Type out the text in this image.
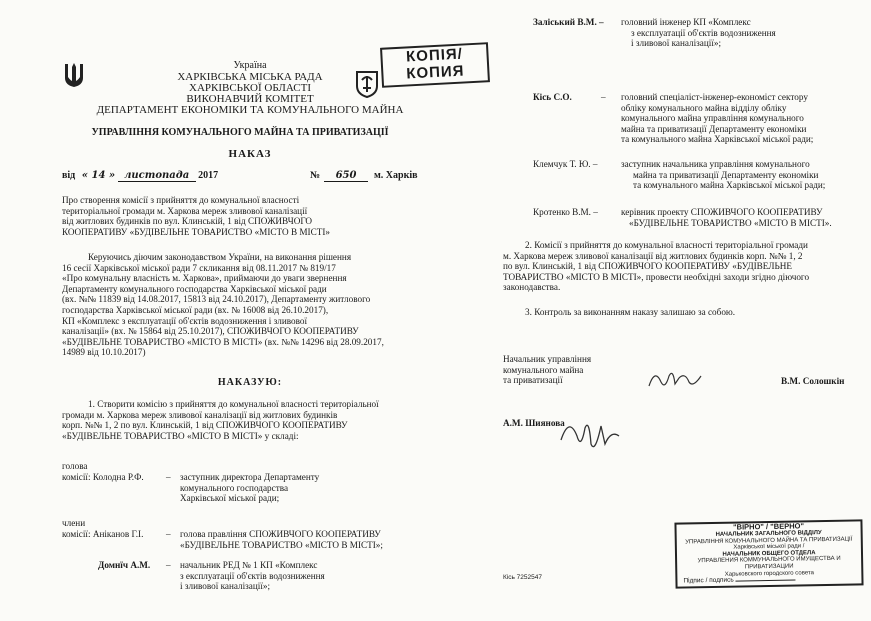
Україна
ХАРКІВСЬКА МІСЬКА РАДА
ХАРКІВСЬКОЇ ОБЛАСТІ
ВИКОНАВЧИЙ КОМІТЕТ
ДЕПАРТАМЕНТ ЕКОНОМІКИ ТА КОМУНАЛЬНОГО МАЙНА
КОПІЯ/
КОПИЯ
УПРАВЛІННЯ КОМУНАЛЬНОГО МАЙНА ТА ПРИВАТИЗАЦІЇ
НАКАЗ
від « 14 » листопада 2017	№	650	м. Харків
Про створення комісії з прийняття до комунальної власності
територіальної громади м. Харкова мереж зливової каналізації
від житлових будинків по вул. Клинській, 1 від СПОЖИВЧОГО
КООПЕРАТИВУ «БУДІВЕЛЬНЕ ТОВАРИСТВО «МІСТО В МІСТІ»
Керуючись діючим законодавством України, на виконання рішення
16 сесії Харківської міської ради 7 скликання від 08.11.2017 № 819/17
«Про комунальну власність м. Харкова», приймаючи до уваги звернення
Департаменту комунального господарства Харківської міської ради
(вх. №№ 11839 від 14.08.2017, 15813 від 24.10.2017), Департаменту житлового
господарства Харківської міської ради (вх. № 16008 від 26.10.2017),
КП «Комплекс з експлуатації об'єктів водозниження і зливової
каналізації» (вх. № 15864 від 25.10.2017), СПОЖИВЧОГО КООПЕРАТИВУ
«БУДІВЕЛЬНЕ ТОВАРИСТВО «МІСТО В МІСТІ» (вх. №№ 14296 від 28.09.2017,
14989 від 10.10.2017)
НАКАЗУЮ:
1. Створити комісію з прийняття до комунальної власності територіальної
громади м. Харкова мереж зливової каналізації від житлових будинків
корп. №№ 1, 2 по вул. Клинській, 1 від СПОЖИВЧОГО КООПЕРАТИВУ
«БУДІВЕЛЬНЕ ТОВАРИСТВО «МІСТО В МІСТІ» у складі:
голова
комісії: Колодна Р.Ф. – заступник директора Департаменту
комунального господарства
Харківської міської ради;
члени
комісії: Аніканов Г.І. – голова правління СПОЖИВЧОГО КООПЕРАТИВУ
«БУДІВЕЛЬНЕ ТОВАРИСТВО «МІСТО В МІСТІ»;
Домнїч А.М. – начальник РЕД № 1 КП «Комплекс
з експлуатації об'єктів водозниження
і зливової каналізації»;
Заліський В.М. – головний інженер КП «Комплекс
з експлуатації об'єктів водозниження
і зливової каналізації»;
Кісь С.О.	– головний спеціаліст-інженер-економіст сектору
обліку комунального майна відділу обліку
комунального майна управління комунального
майна та приватизації Департаменту економіки
та комунального майна Харківської міської ради;
Клемчук Т. Ю. –	заступник начальника управління комунального
майна та приватизації Департаменту економіки
та комунального майна Харківської міської ради;
Кротенко В.М. –	керівник проекту СПОЖИВЧОГО КООПЕРАТИВУ
«БУДІВЕЛЬНЕ ТОВАРИСТВО «МІСТО В МІСТІ».
2. Комісії з прийняття до комунальної власності територіальної громади
м. Харкова мереж зливової каналізації від житлових будинків корп. №№ 1, 2
по вул. Клинській, 1 від СПОЖИВЧОГО КООПЕРАТИВУ «БУДІВЕЛЬНЕ
ТОВАРИСТВО «МІСТО В МІСТІ», провести необхідні заходи згідно діючого
законодавства.
3. Контроль за виконанням наказу залишаю за собою.
Начальник управління
комунального майна
та приватизації	В.М. Солошкін
А.М. Шиянова
"ВІРНО" / "ВЕРНО"
НАЧАЛЬНИК ЗАГАЛЬНОГО ВІДДІЛУ
УПРАВЛІННЯ КОМУНАЛЬНОГО МАЙНА ТА ПРИВАТИЗАЦІЇ
Харківської міської ради /
НАЧАЛЬНИК ОБЩЕГО ОТДЕЛА
УПРАВЛЕНИЯ КОММУНАЛЬНОГО ИМУЩЕСТВА И ПРИВАТИЗАЦИИ
Харьковского городского совета
Підпис / подпись
Кісь 7252547
